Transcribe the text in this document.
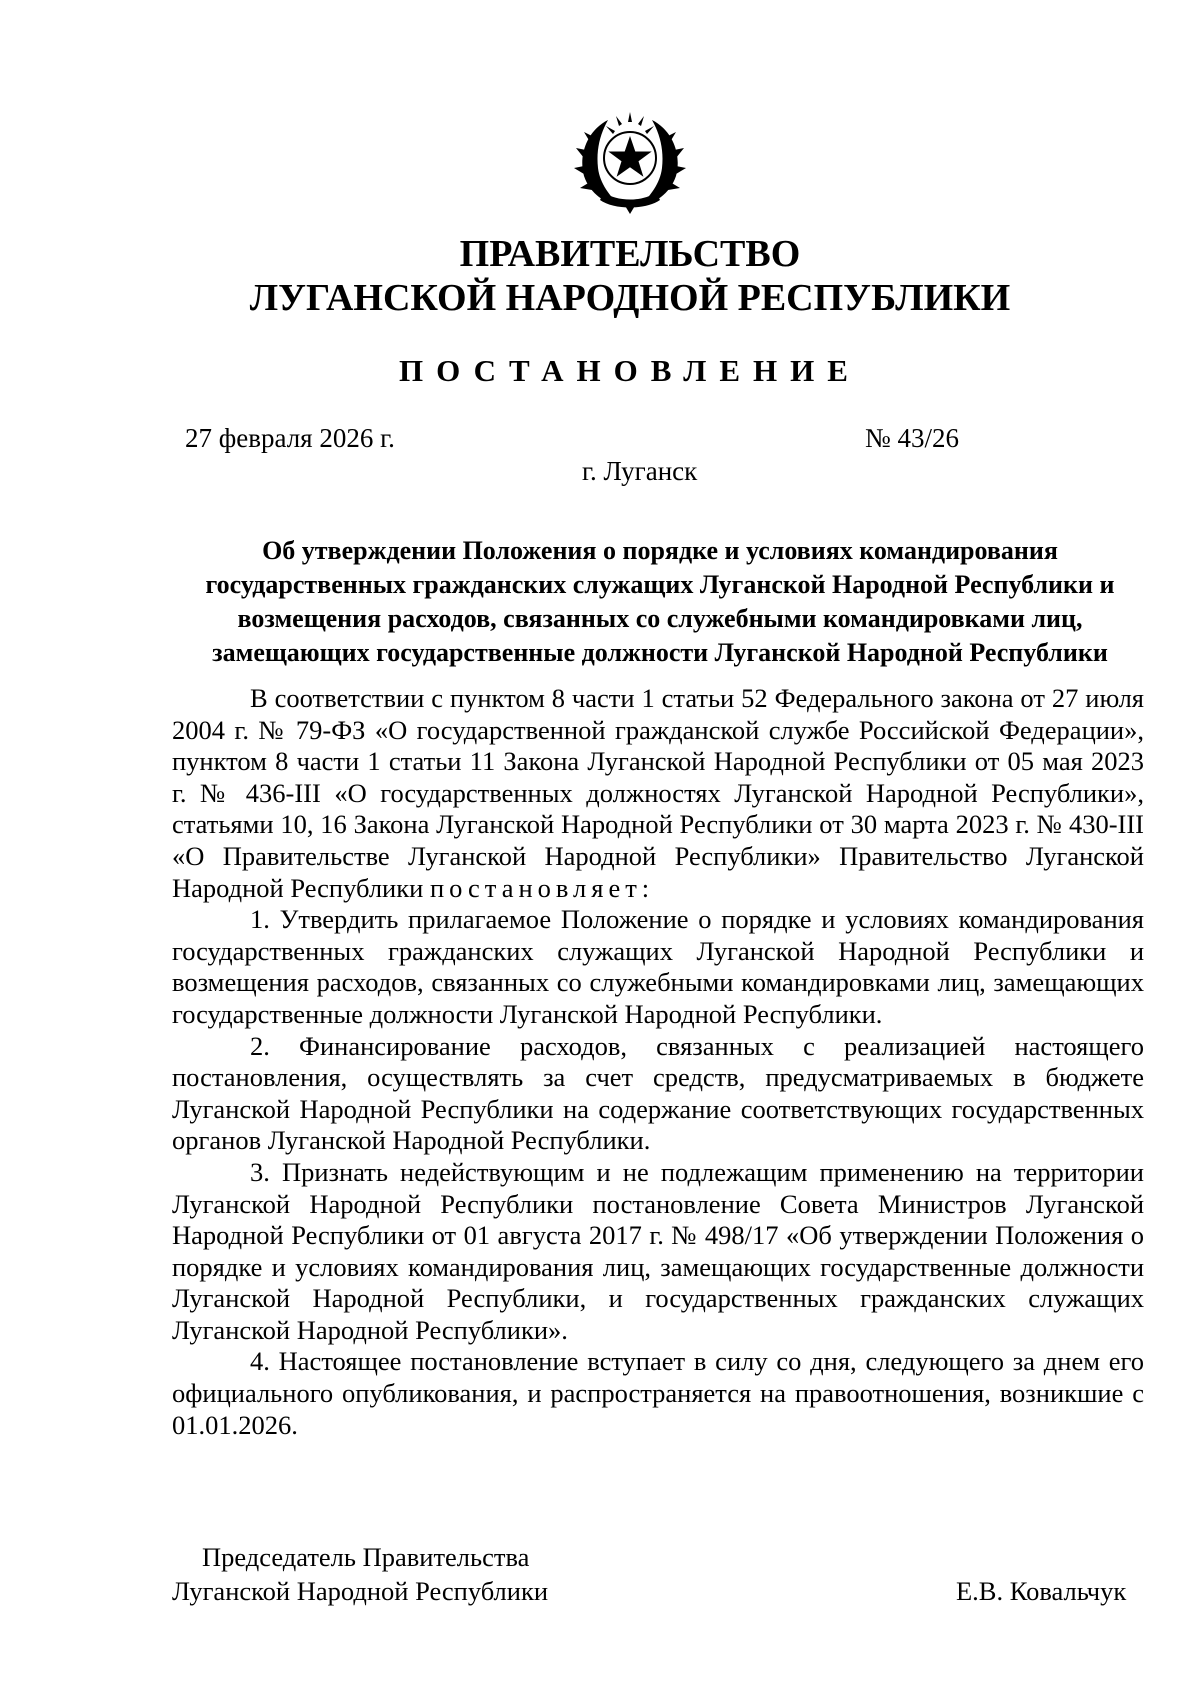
ПРАВИТЕЛЬСТВО
ЛУГАНСКОЙ НАРОДНОЙ РЕСПУБЛИКИ
ПОСТАНОВЛЕНИЕ
27 февраля 2026 г.	№ 43/26
г. Луганск
Об утверждении Положения о порядке и условиях командирования государственных гражданских служащих Луганской Народной Республики и возмещения расходов, связанных со служебными командировками лиц, замещающих государственные должности Луганской Народной Республики

В соответствии с пунктом 8 части 1 статьи 52 Федерального закона от 27 июля 2004 г. № 79-ФЗ «О государственной гражданской службе Российской Федерации», пунктом 8 части 1 статьи 11 Закона Луганской Народной Республики от 05 мая 2023 г. № 436-III «О государственных должностях Луганской Народной Республики», статьями 10, 16 Закона Луганской Народной Республики от 30 марта 2023 г. № 430-III «О Правительстве Луганской Народной Республики» Правительство Луганской Народной Республики постановляет:

1. Утвердить прилагаемое Положение о порядке и условиях командирования государственных гражданских служащих Луганской Народной Республики и возмещения расходов, связанных со служебными командировками лиц, замещающих государственные должности Луганской Народной Республики.

2. Финансирование расходов, связанных с реализацией настоящего постановления, осуществлять за счет средств, предусматриваемых в бюджете Луганской Народной Республики на содержание соответствующих государственных органов Луганской Народной Республики.

3. Признать недействующим и не подлежащим применению на территории Луганской Народной Республики постановление Совета Министров Луганской Народной Республики от 01 августа 2017 г. № 498/17 «Об утверждении Положения о порядке и условиях командирования лиц, замещающих государственные должности Луганской Народной Республики, и государственных гражданских служащих Луганской Народной Республики».

4. Настоящее постановление вступает в силу со дня, следующего за днем его официального опубликования, и распространяется на правоотношения, возникшие с 01.01.2026.

Председатель Правительства
Луганской Народной Республики	Е.В. Ковальчук
